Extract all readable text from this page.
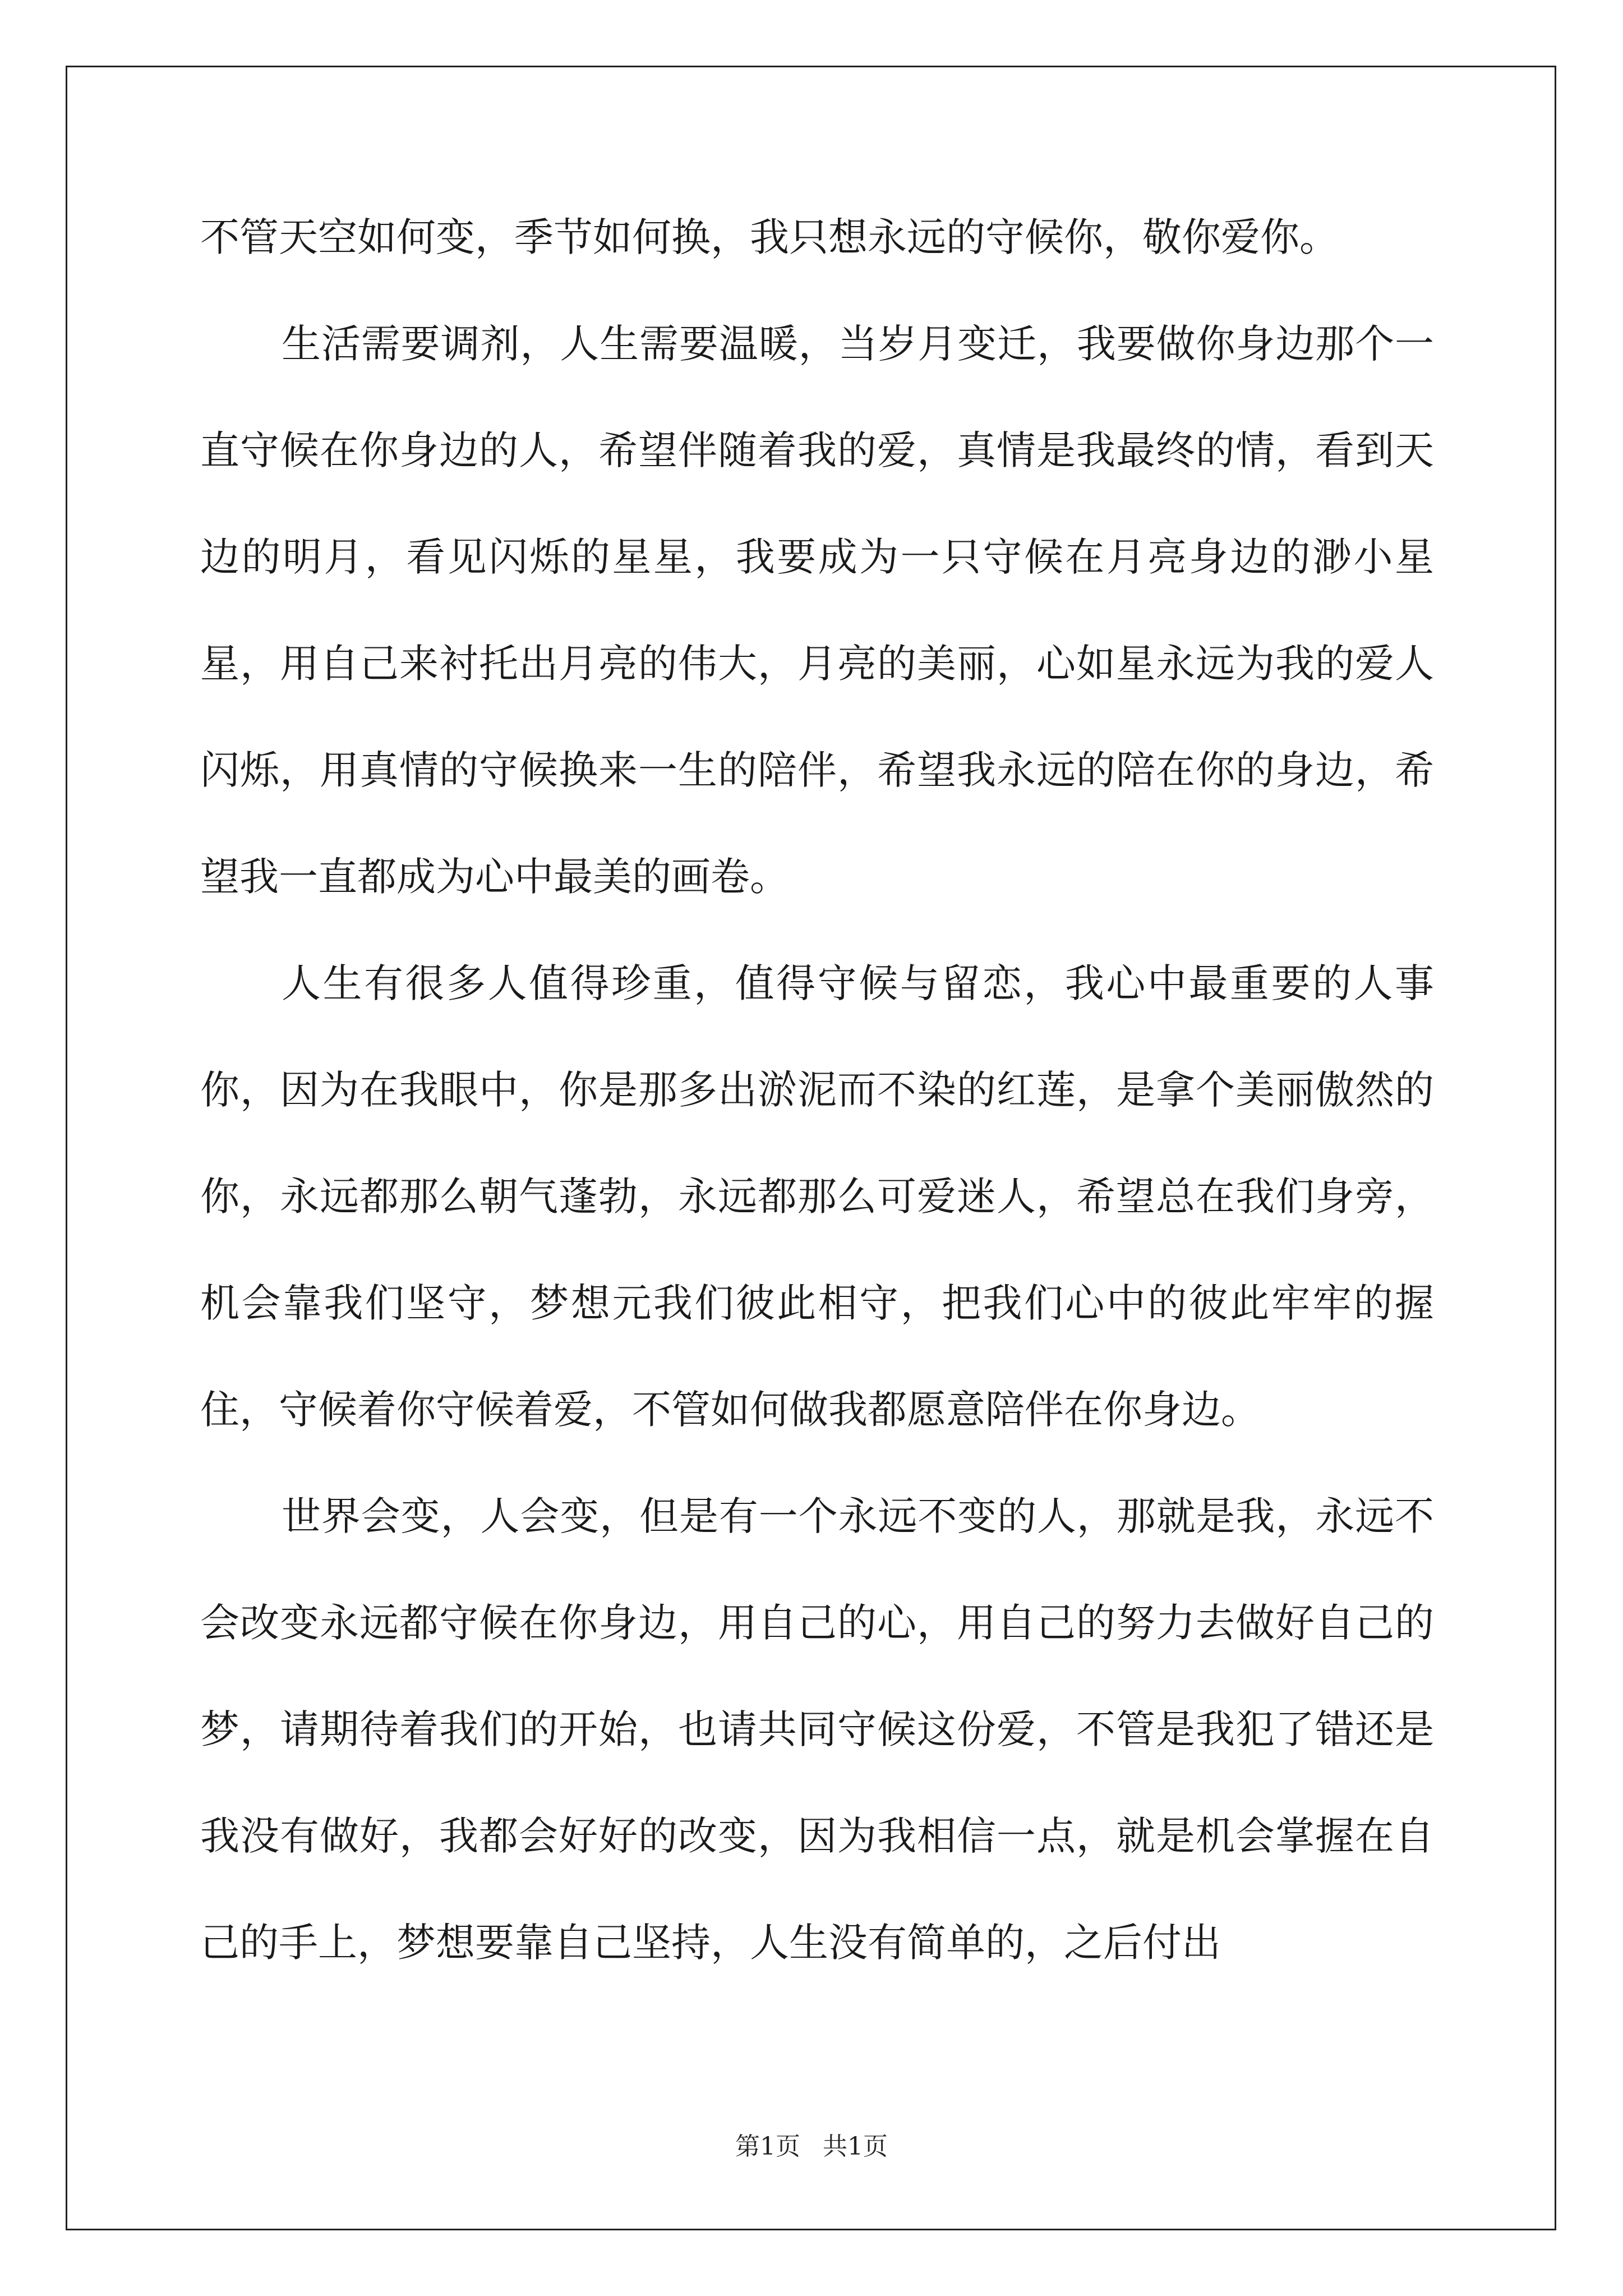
不管天空如何变，季节如何换，我只想永远的守候你，敬你爱你。

生活需要调剂，人生需要温暖，当岁月变迁，我要做你身边那个一直守候在你身边的人，希望伴随着我的爱，真情是我最终的情，看到天边的明月，看见闪烁的星星，我要成为一只守候在月亮身边的渺小星星，用自己来衬托出月亮的伟大，月亮的美丽，心如星永远为我的爱人闪烁，用真情的守候换来一生的陪伴，希望我永远的陪在你的身边，希望我一直都成为心中最美的画卷。

人生有很多人值得珍重，值得守候与留恋，我心中最重要的人事你，因为在我眼中，你是那多出淤泥而不染的红莲，是拿个美丽傲然的你，永远都那么朝气蓬勃，永远都那么可爱迷人，希望总在我们身旁，机会靠我们坚守，梦想元我们彼此相守，把我们心中的彼此牢牢的握住，守候着你守候着爱，不管如何做我都愿意陪伴在你身边。

世界会变，人会变，但是有一个永远不变的人，那就是我，永远不会改变永远都守候在你身边，用自己的心，用自己的努力去做好自己的梦，请期待着我们的开始，也请共同守候这份爱，不管是我犯了错还是我没有做好，我都会好好的改变，因为我相信一点，就是机会掌握在自己的手上，梦想要靠自己坚持，人生没有简单的，之后付出

第1页 共1页
